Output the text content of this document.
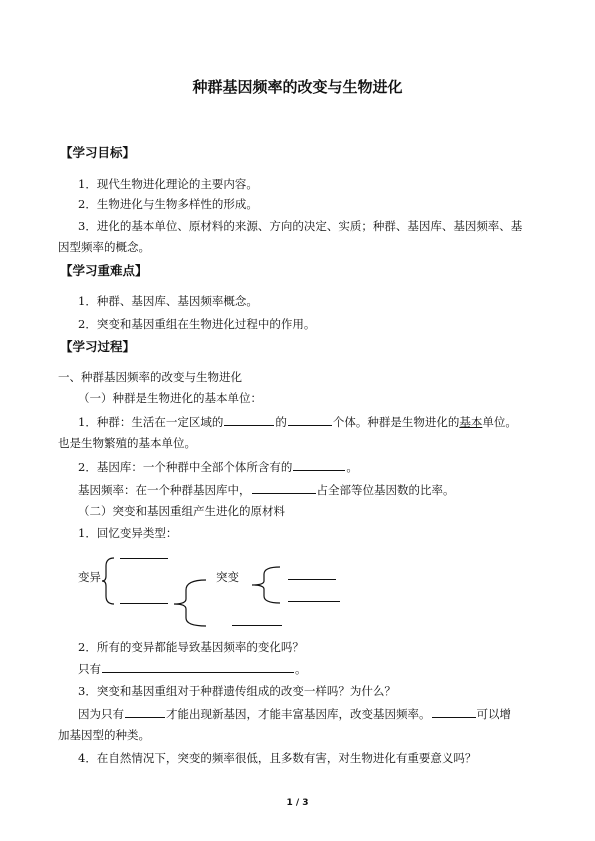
种群基因频率的改变与生物进化
【学习目标】
1．现代生物进化理论的主要内容。
2．生物进化与生物多样性的形成。
3．进化的基本单位、原材料的来源、方向的决定、实质；种群、基因库、基因频率、基
因型频率的概念。
【学习重难点】
1．种群、基因库、基因频率概念。
2．突变和基因重组在生物进化过程中的作用。
【学习过程】
一、种群基因频率的改变与生物进化
（一）种群是生物进化的基本单位：
1．种群：生活在一定区域的	的	个体。种群是生物进化的基本单位。
也是生物繁殖的基本单位。
2．基因库：一个种群中全部个体所含有的	。
基因频率：在一个种群基因库中，	占全部等位基因数的比率。
（二）突变和基因重组产生进化的原材料
1．回忆变异类型：
变异	突变
2．所有的变异都能导致基因频率的变化吗？
只有	。
3．突变和基因重组对于种群遗传组成的改变一样吗？为什么？
因为只有	才能出现新基因，才能丰富基因库，改变基因频率。	可以增
加基因型的种类。
4．在自然情况下，突变的频率很低，且多数有害，对生物进化有重要意义吗？
1 / 3
